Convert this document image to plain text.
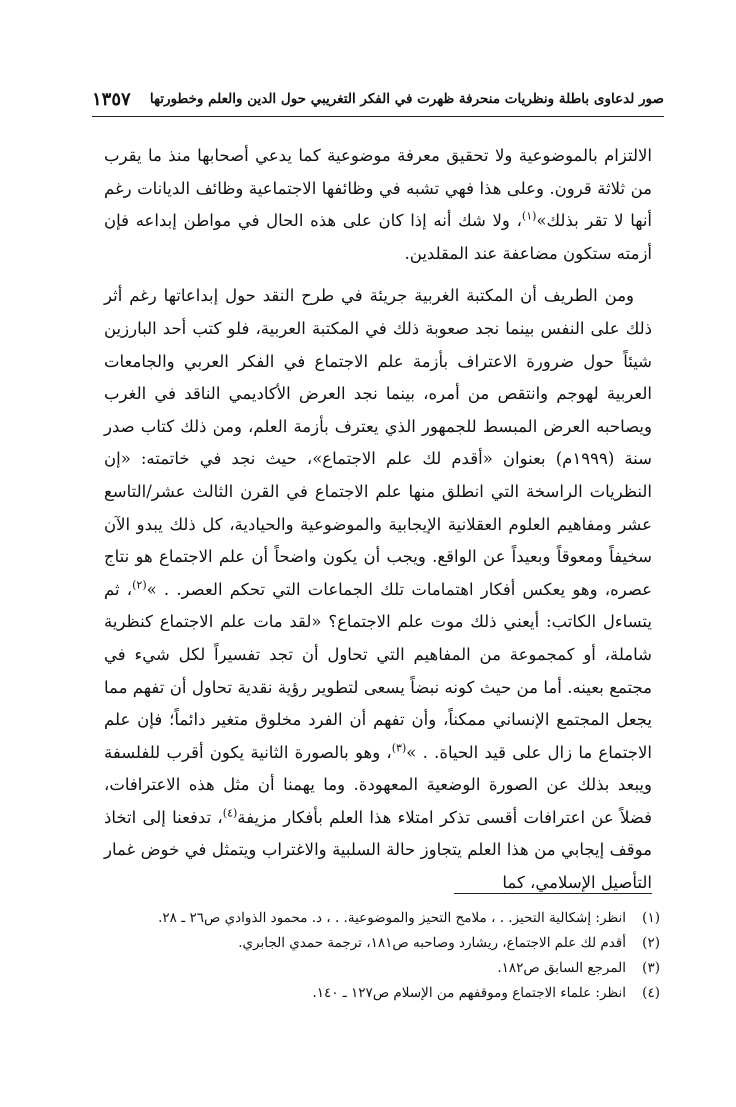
صور لدعاوى باطلة ونظريات منحرفة ظهرت في الفكر التغريبي حول الدين والعلم وخطورتها
١٣٥٧

الالتزام بالموضوعية ولا تحقيق معرفة موضوعية كما يدعي أصحابها منذ ما يقرب من ثلاثة قرون. وعلى هذا فهي تشبه في وظائفها الاجتماعية وظائف الديانات رغم أنها لا تقر بذلك»$^{(١)}$، ولا شك أنه إذا كان على هذه الحال في مواطن إبداعه فإن أزمته ستكون مضاعفة عند المقلدين.

ومن الطريف أن المكتبة الغربية جريئة في طرح النقد حول إبداعاتها رغم أثر ذلك على النفس بينما نجد صعوبة ذلك في المكتبة العربية، فلو كتب أحد البارزين شيئاً حول ضرورة الاعتراف بأزمة علم الاجتماع في الفكر العربي والجامعات العربية لهوجم وانتقص من أمره، بينما نجد العرض الأكاديمي الناقد في الغرب ويصاحبه العرض المبسط للجمهور الذي يعترف بأزمة العلم، ومن ذلك كتاب صدر سنة (١٩٩٩م) بعنوان «أقدم لك علم الاجتماع»، حيث نجد في خاتمته: «إن النظريات الراسخة التي انطلق منها علم الاجتماع في القرن الثالث عشر/التاسع عشر ومفاهيم العلوم العقلانية الإيجابية والموضوعية والحيادية، كل ذلك يبدو الآن سخيفاً ومعوقاً وبعيداً عن الواقع. ويجب أن يكون واضحاً أن علم الاجتماع هو نتاج عصره، وهو يعكس أفكار اهتمامات تلك الجماعات التي تحكم العصر. . »$^{(٢)}$، ثم يتساءل الكاتب: أيعني ذلك موت علم الاجتماع؟ «لقد مات علم الاجتماع كنظرية شاملة، أو كمجموعة من المفاهيم التي تحاول أن تجد تفسيراً لكل شيء في مجتمع بعينه. أما من حيث كونه نبضاً يسعى لتطوير رؤية نقدية تحاول أن تفهم مما يجعل المجتمع الإنساني ممكناً، وأن تفهم أن الفرد مخلوق متغير دائماً؛ فإن علم الاجتماع ما زال على قيد الحياة. . »$^{(٣)}$، وهو بالصورة الثانية يكون أقرب للفلسفة ويبعد بذلك عن الصورة الوضعية المعهودة. وما يهمنا أن مثل هذه الاعترافات، فضلاً عن اعترافات أقسى تذكر امتلاء هذا العلم بأفكار مزيفة$^{(٤)}$، تدفعنا إلى اتخاذ موقف إيجابي من هذا العلم يتجاوز حالة السلبية والاغتراب ويتمثل في خوض غمار التأصيل الإسلامي، كما

(١)
انظر: إشكالية التحيز. . ، ملامح التحيز والموضوعية. . ، د. محمود الذوادي ص٢٦ ـ ٢٨.
(٢)
أقدم لك علم الاجتماع، ريشارد وصاحبه ص١٨١، ترجمة حمدي الجابري.
(٣)
المرجع السابق ص١٨٢.
(٤)
انظر: علماء الاجتماع وموقفهم من الإسلام ص١٢٧ ـ ١٤٠.
